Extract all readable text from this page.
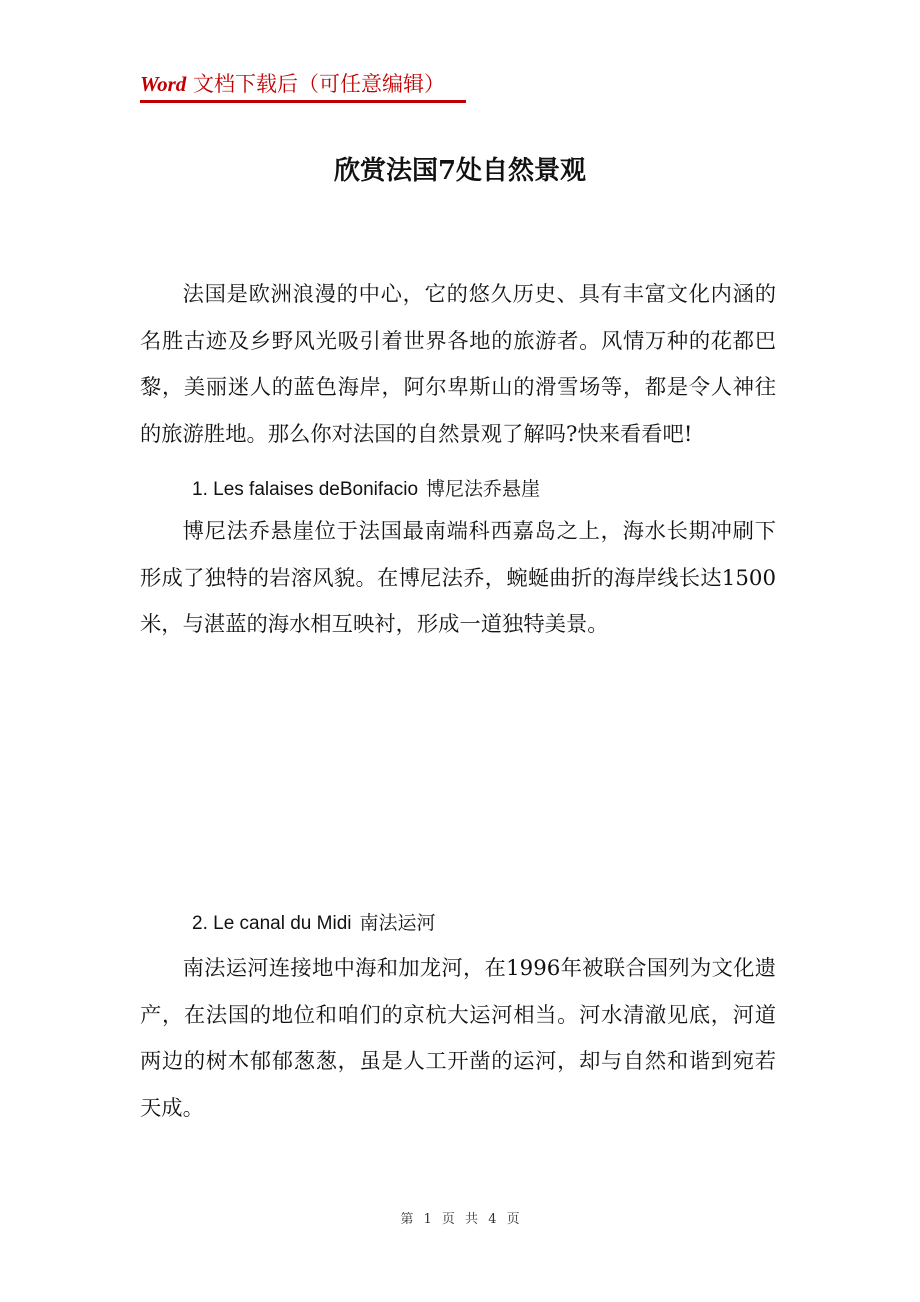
Word 文档下载后（可任意编辑）
欣赏法国7处自然景观
法国是欧洲浪漫的中心，它的悠久历史、具有丰富文化内涵的名胜古迹及乡野风光吸引着世界各地的旅游者。风情万种的花都巴黎，美丽迷人的蓝色海岸，阿尔卑斯山的滑雪场等，都是令人神往的旅游胜地。那么你对法国的自然景观了解吗?快来看看吧!
1. Les falaises deBonifacio 博尼法乔悬崖
博尼法乔悬崖位于法国最南端科西嘉岛之上，海水长期冲刷下形成了独特的岩溶风貌。在博尼法乔，蜿蜒曲折的海岸线长达1500米，与湛蓝的海水相互映衬，形成一道独特美景。
2. Le canal du Midi 南法运河
南法运河连接地中海和加龙河，在1996年被联合国列为文化遗产，在法国的地位和咱们的京杭大运河相当。河水清澈见底，河道两边的树木郁郁葱葱，虽是人工开凿的运河，却与自然和谐到宛若天成。
第 1 页 共 4 页
